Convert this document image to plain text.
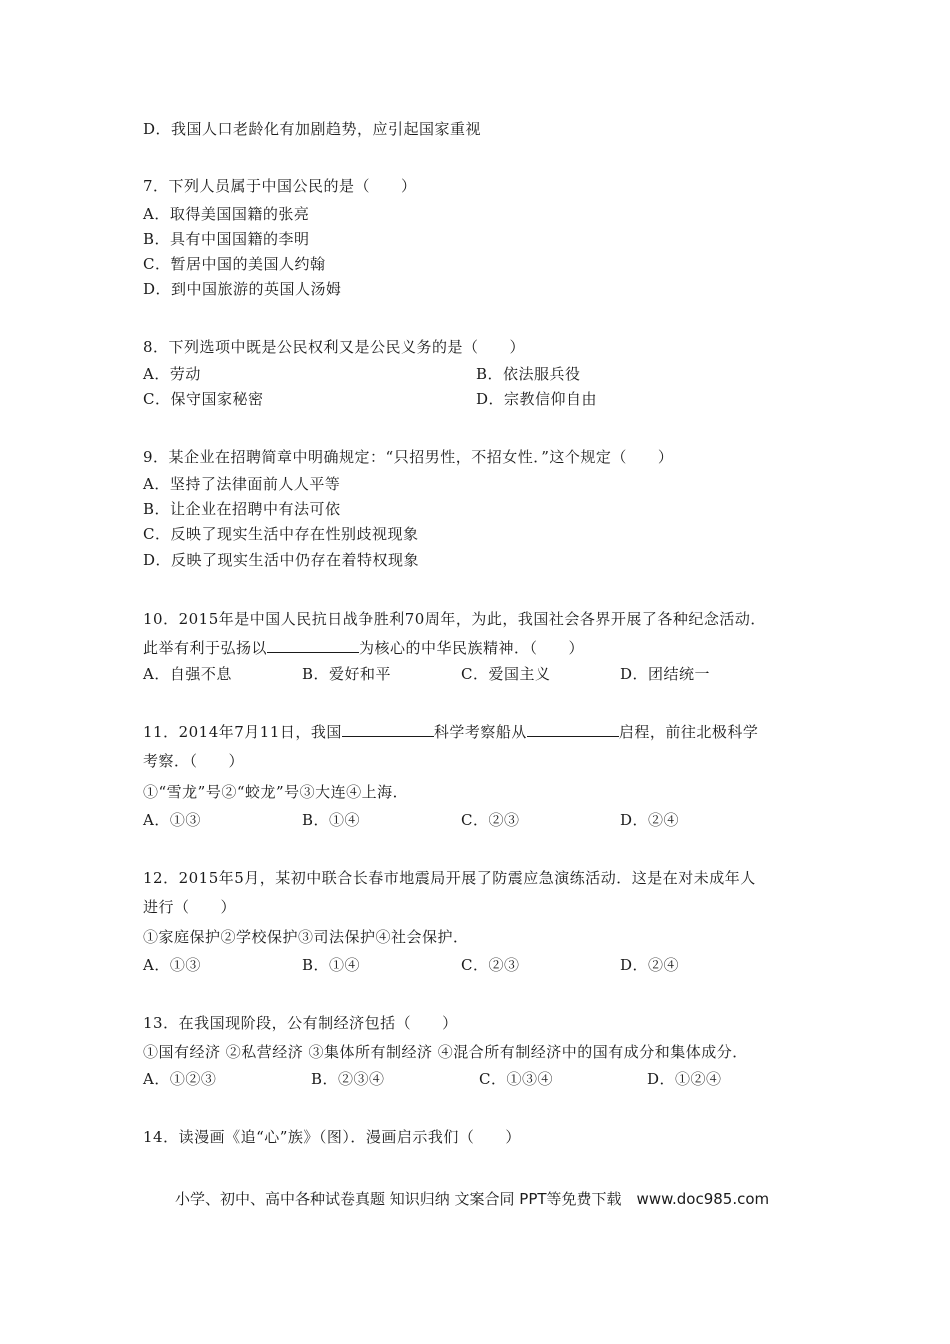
D．我国人口老龄化有加剧趋势，应引起国家重视
7．下列人员属于中国公民的是（　　）
A．取得美国国籍的张亮
B．具有中国国籍的李明
C．暂居中国的美国人约翰
D．到中国旅游的英国人汤姆
8．下列选项中既是公民权利又是公民义务的是（　　）
A．劳动	B．依法服兵役
C．保守国家秘密	D．宗教信仰自由
9．某企业在招聘简章中明确规定：“只招男性，不招女性．”这个规定（　　）
A．坚持了法律面前人人平等
B．让企业在招聘中有法可依
C．反映了现实生活中存在性别歧视现象
D．反映了现实生活中仍存在着特权现象
10．2015年是中国人民抗日战争胜利70周年，为此，我国社会各界开展了各种纪念活动．
此举有利于弘扬以	为核心的中华民族精神．（　　）
A．自强不息	B．爱好和平	C．爱国主义	D．团结统一
11．2014年7月11日，我国	科学考察船从	启程，前往北极科学
考察．（　　）
①“雪龙”号②“蛟龙”号③大连④上海．
A．①③	B．①④	C．②③	D．②④
12．2015年5月，某初中联合长春市地震局开展了防震应急演练活动．这是在对未成年人
进行（　　）
①家庭保护②学校保护③司法保护④社会保护．
A．①③	B．①④	C．②③	D．②④
13．在我国现阶段，公有制经济包括（　　）
①国有经济 ②私营经济 ③集体所有制经济 ④混合所有制经济中的国有成分和集体成分．
A．①②③	B．②③④	C．①③④	D．①②④
14．读漫画《追“心”族》（图）．漫画启示我们（　　）
小学、初中、高中各种试卷真题 知识归纳 文案合同 PPT等免费下载　www.doc985.com
